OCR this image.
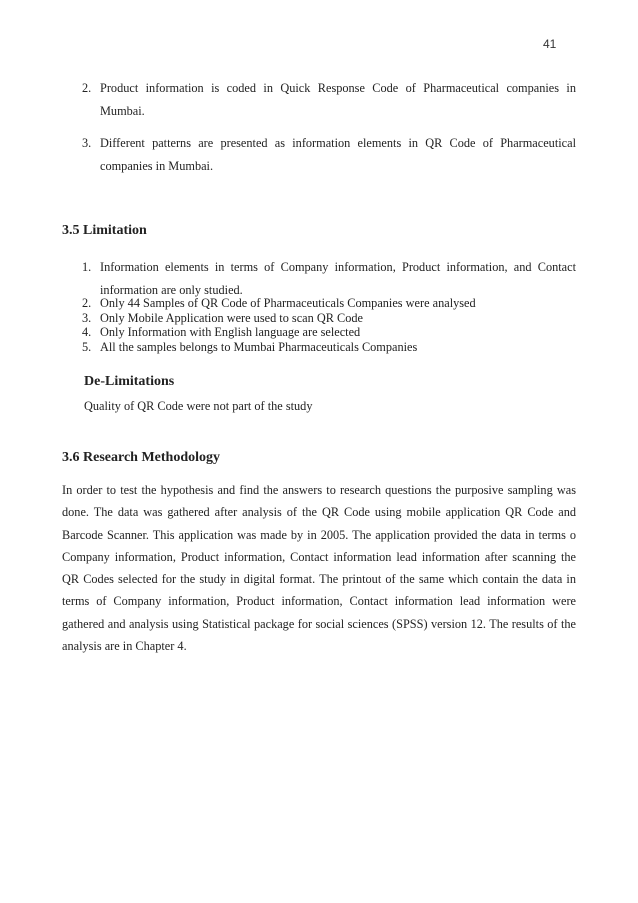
41
2. Product information is coded in Quick Response Code of Pharmaceutical companies in Mumbai.
3. Different patterns are presented as information elements in QR Code of Pharmaceutical companies in Mumbai.
3.5 Limitation
1. Information elements in terms of Company information, Product information, and Contact information are only studied.
2. Only 44 Samples of QR Code of Pharmaceuticals Companies were analysed
3. Only Mobile Application were used to scan QR Code
4. Only Information with English language are selected
5. All the samples belongs to Mumbai Pharmaceuticals Companies
De-Limitations
Quality of QR Code were not part of the study
3.6 Research Methodology
In order to test the hypothesis and find the answers to research questions the purposive sampling was done. The data was gathered after analysis of the QR Code using mobile application QR Code and Barcode Scanner. This application was made by in 2005. The application provided the data in terms o Company information, Product information, Contact information lead information after scanning the QR Codes selected for the study in digital format. The printout of the same which contain the data in terms of Company information, Product information, Contact information lead information were gathered and analysis using Statistical package for social sciences (SPSS) version 12. The results of the analysis are in Chapter 4.
